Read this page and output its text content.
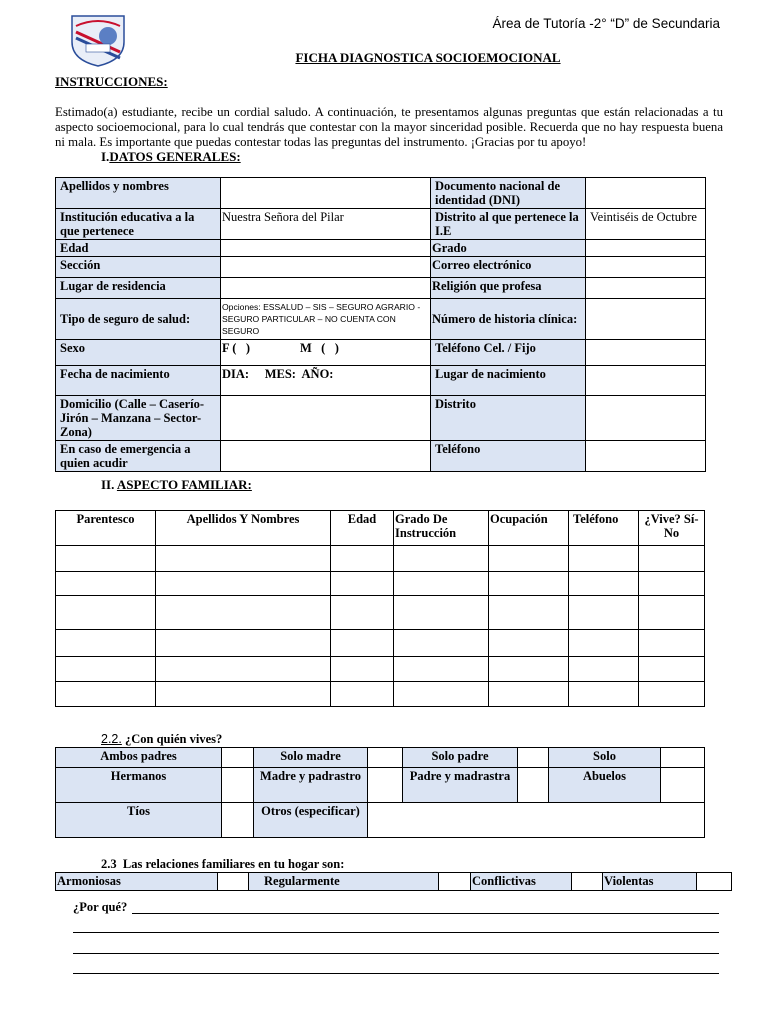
Área de Tutoría -2° “D” de Secundaria
FICHA DIAGNOSTICA SOCIOEMOCIONAL
INSTRUCCIONES:
Estimado(a) estudiante, recibe un cordial saludo. A continuación, te presentamos algunas preguntas que están relacionadas a tu aspecto socioemocional, para lo cual tendrás que contestar con la mayor sinceridad posible. Recuerda que no hay respuesta buena ni mala. Es importante que puedas contestar todas las preguntas del instrumento. ¡Gracias por tu apoyo!
I.DATOS GENERALES:
Apellidos y nombres		Documento nacional de identidad (DNI)	
Institución educativa a la que pertenece	Nuestra Señora del Pilar	Distrito al que pertenece la I.E	Veintiséis de Octubre
Edad		Grado	
Sección		Correo electrónico	
Lugar de residencia		Religión que profesa	
Tipo de seguro de salud:	Opciones: ESSALUD – SIS – SEGURO AGRARIO - SEGURO PARTICULAR – NO CUENTA CON SEGURO	Número de historia clínica:	
Sexo	F (   )                M   (   )	Teléfono Cel. / Fijo	
Fecha de nacimiento	DIA:     MES:  AÑO:	Lugar de nacimiento	
Domicilio (Calle – Caserío-Jirón – Manzana – Sector-Zona)		Distrito	
En caso de emergencia a quien acudir		Teléfono	
II. ASPECTO FAMILIAR:
Parentesco	Apellidos Y Nombres	Edad	Grado De Instrucción	Ocupación	Teléfono	¿Vive? Sí-No

2.2. ¿Con quién vives?
Ambos padres		Solo madre		Solo padre		Solo	
Hermanos		Madre y padrastro		Padre y madrastra		Abuelos	
Tíos		Otros (especificar)					
2.3 Las relaciones familiares en tu hogar son:
Armoniosas		Regularmente		Conflictivas		Violentas	
¿Por qué?
